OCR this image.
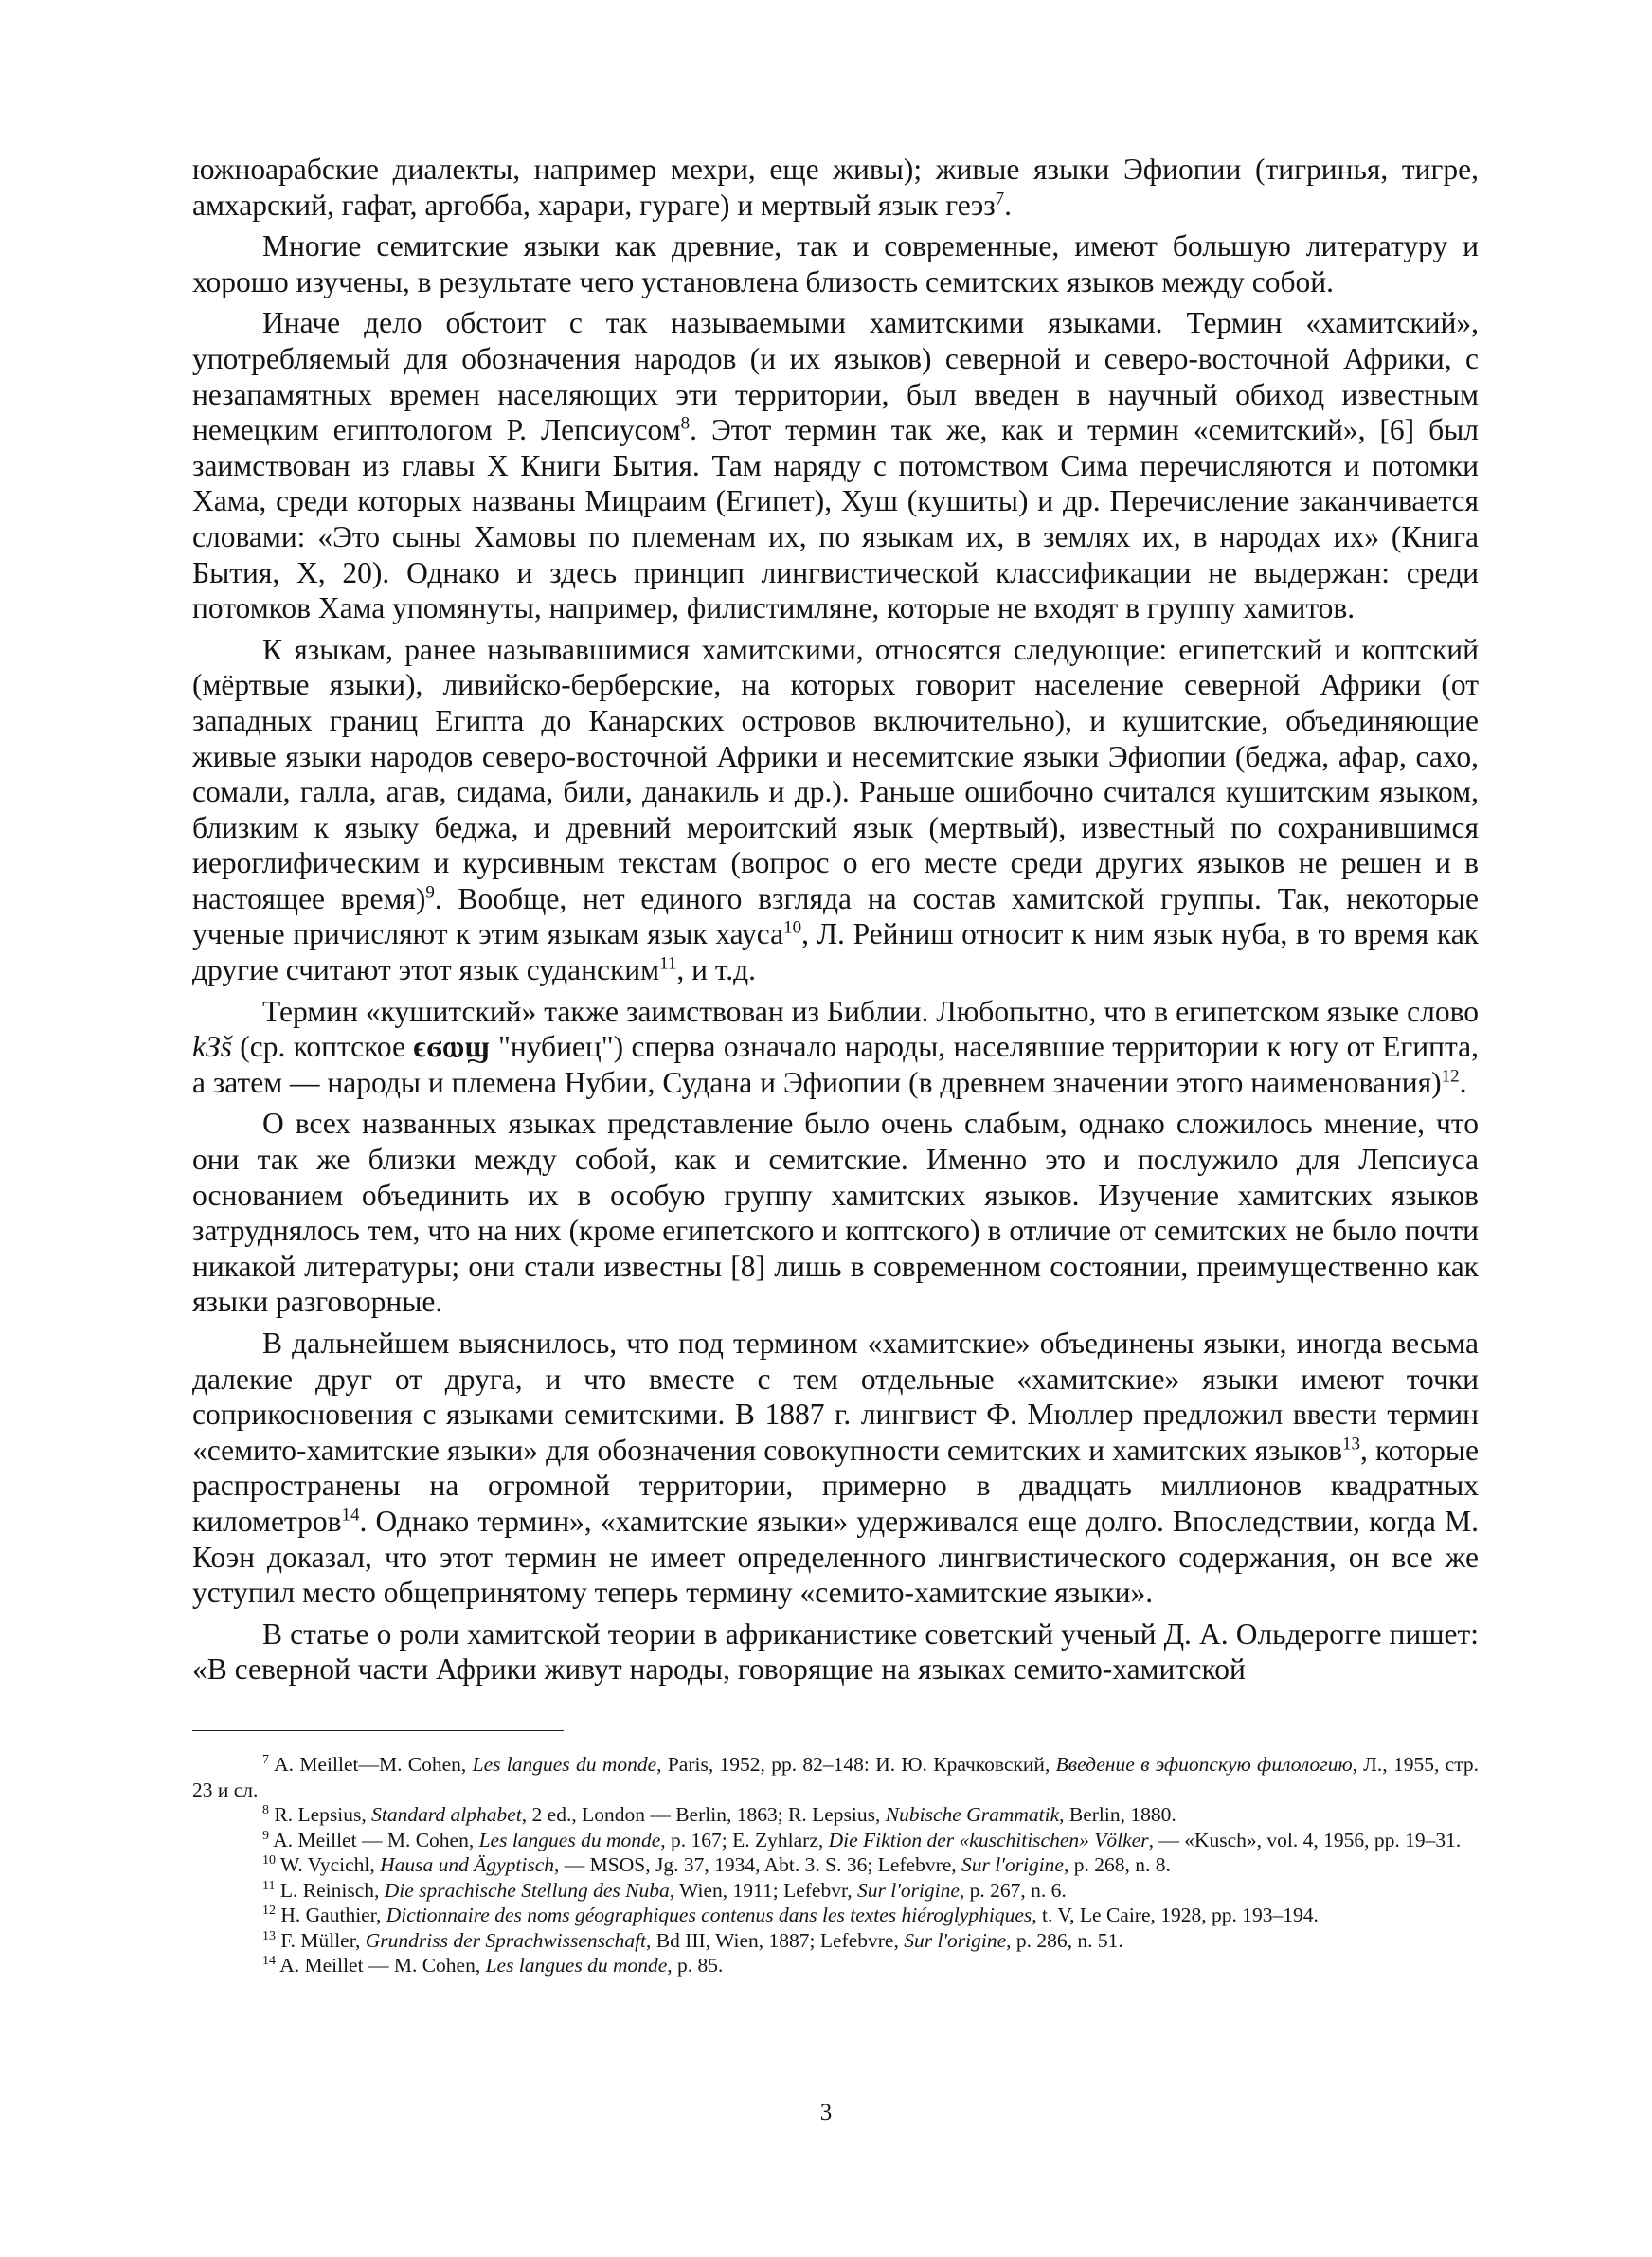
южноарабские диалекты, например мехри, еще живы); живые языки Эфиопии (тигринья, тигре, амхарский, гафат, аргобба, харари, гураге) и мертвый язык геэз$^7$.

Многие семитские языки как древние, так и современные, имеют большую литературу и хорошо изучены, в результате чего установлена близость семитских языков между собой.

Иначе дело обстоит с так называемыми хамитскими языками. Термин «хамитский», употребляемый для обозначения народов (и их языков) северной и северо-восточной Африки, с незапамятных времен населяющих эти территории, был введен в научный обиход известным немецким египтологом Р. Лепсиусом$^8$. Этот термин так же, как и термин «семитский», [6] был заимствован из главы X Книги Бытия. Там наряду с потомством Сима перечисляются и потомки Хама, среди которых названы Мицраим (Египет), Хуш (кушиты) и др. Перечисление заканчивается словами: «Это сыны Хамовы по племенам их, по языкам их, в землях их, в народах их» (Книга Бытия, X, 20). Однако и здесь принцип лингвистической классификации не выдержан: среди потомков Хама упомянуты, например, филистимляне, которые не входят в группу хамитов.

К языкам, ранее называвшимися хамитскими, относятся следующие: египетский и коптский (мёртвые языки), ливийско-берберские, на которых говорит население северной Африки (от западных границ Египта до Канарских островов включительно), и кушитские, объединяющие живые языки народов северо-восточной Африки и несемитские языки Эфиопии (беджа, афар, сахо, сомали, галла, агав, сидама, били, данакиль и др.). Раньше ошибочно считался кушитским языком, близким к языку беджа, и древний мероитский язык (мертвый), известный по сохранившимся иероглифическим и курсивным текстам (вопрос о его месте среди других языков не решен и в настоящее время)$^9$. Вообще, нет единого взгляда на состав хамитской группы. Так, некоторые ученые причисляют к этим языкам язык хауса$^{10}$, Л. Рейниш относит к ним язык нуба, в то время как другие считают этот язык суданским$^{11}$, и т.д.

Термин «кушитский» также заимствован из Библии. Любопытно, что в египетском языке слово kЗš (ср. коптское ϵϭⲱϣ "нубиец") сперва означало народы, населявшие территории к югу от Египта, а затем — народы и племена Нубии, Судана и Эфиопии (в древнем значении этого наименования)$^{12}$.

О всех названных языках представление было очень слабым, однако сложилось мнение, что они так же близки между собой, как и семитские. Именно это и послужило для Лепсиуса основанием объединить их в особую группу хамитских языков. Изучение хамитских языков затруднялось тем, что на них (кроме египетского и коптского) в отличие от семитских не было почти никакой литературы; они стали известны [8] лишь в современном состоянии, преимущественно как языки разговорные.

В дальнейшем выяснилось, что под термином «хамитские» объединены языки, иногда весьма далекие друг от друга, и что вместе с тем отдельные «хамитские» языки имеют точки соприкосновения с языками семитскими. В 1887 г. лингвист Ф. Мюллер предложил ввести термин «семито-хамитские языки» для обозначения совокупности семитских и хамитских языков$^{13}$, которые распространены на огромной территории, примерно в двадцать миллионов квадратных километров$^{14}$. Однако термин», «хамитские языки» удерживался еще долго. Впоследствии, когда М. Коэн доказал, что этот термин не имеет определенного лингвистического содержания, он все же уступил место общепринятому теперь термину «семито-хамитские языки».

В статье о роли хамитской теории в африканистике советский ученый Д. А. Ольдерогге пишет: «В северной части Африки живут народы, говорящие на языках семито-хамитской

$^7$ A. Meillet—M. Cohen, Les langues du monde, Paris, 1952, pp. 82–148: И. Ю. Крачковский, Введение в эфиопскую филологию, Л., 1955, стр. 23 и сл.

$^8$ R. Lepsius, Standard alphabet, 2 ed., London — Berlin, 1863; R. Lepsius, Nubische Grammatik, Berlin, 1880.

$^9$ A. Meillet — M. Cohen, Les langues du monde, p. 167; E. Zyhlarz, Die Fiktion der «kuschitischen» Völker, — «Kusch», vol. 4, 1956, pp. 19–31.

$^{10}$ W. Vycichl, Hausa und Ägyptisch, — MSOS, Jg. 37, 1934, Abt. 3. S. 36; Lefebvre, Sur l'origine, p. 268, n. 8.

$^{11}$ L. Reinisch, Die sprachische Stellung des Nuba, Wien, 1911; Lefebvr, Sur l'origine, p. 267, n. 6.

$^{12}$ H. Gauthier, Dictionnaire des noms géographiques contenus dans les textes hiéroglyphiques, t. V, Le Caire, 1928, pp. 193–194.

$^{13}$ F. Müller, Grundriss der Sprachwissenschaft, Bd III, Wien, 1887; Lefebvre, Sur l'origine, p. 286, n. 51.

$^{14}$ A. Meillet — M. Cohen, Les langues du monde, p. 85.

3
